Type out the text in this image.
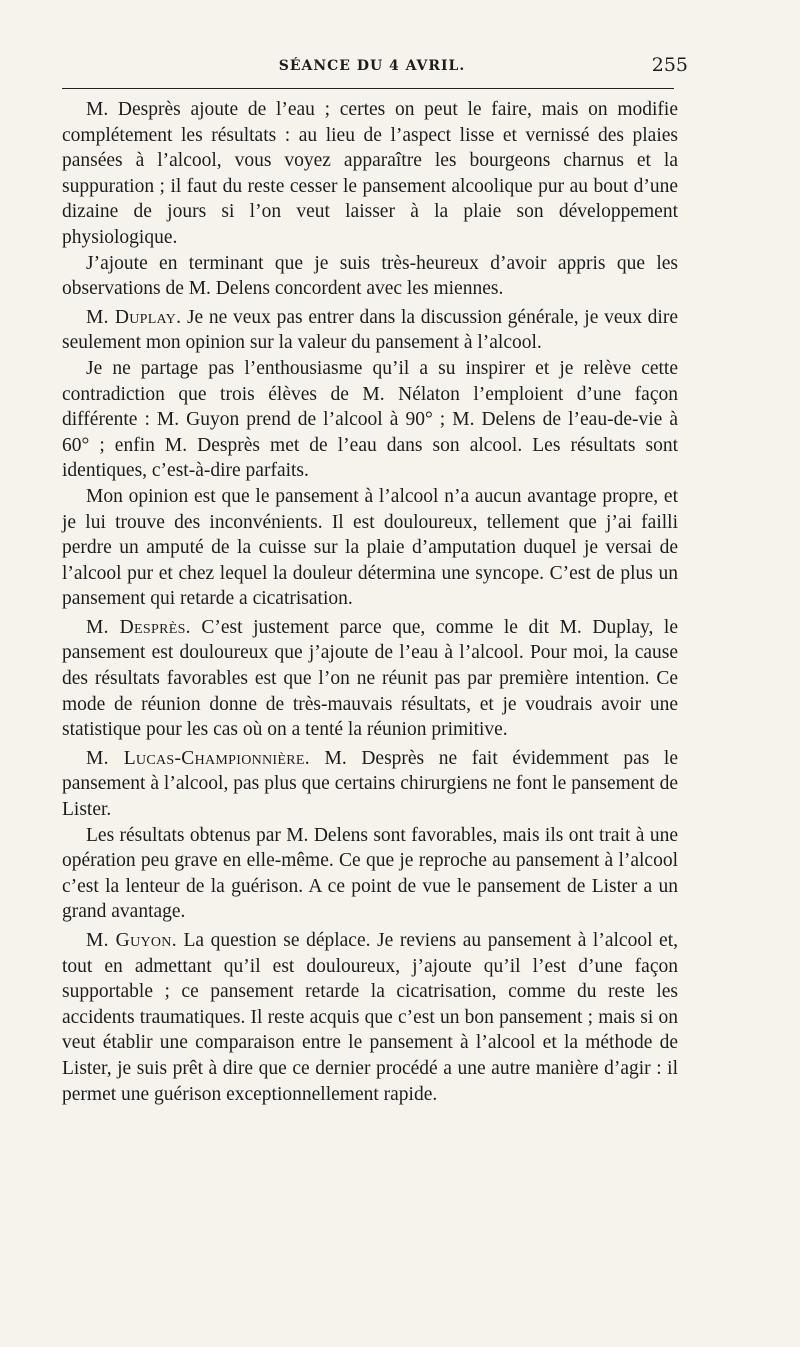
SÉANCE DU 4 AVRIL.	255

M. Desprès ajoute de l’eau ; certes on peut le faire, mais on modifie complétement les résultats : au lieu de l’aspect lisse et vernissé des plaies pansées à l’alcool, vous voyez apparaître les bourgeons charnus et la suppuration ; il faut du reste cesser le pansement alcoolique pur au bout d’une dizaine de jours si l’on veut laisser à la plaie son développement physiologique.

J’ajoute en terminant que je suis très-heureux d’avoir appris que les observations de M. Delens concordent avec les miennes.

M. Duplay. Je ne veux pas entrer dans la discussion générale, je veux dire seulement mon opinion sur la valeur du pansement à l’alcool.

Je ne partage pas l’enthousiasme qu’il a su inspirer et je relève cette contradiction que trois élèves de M. Nélaton l’emploient d’une façon différente : M. Guyon prend de l’alcool à 90° ; M. Delens de l’eau-de-vie à 60° ; enfin M. Desprès met de l’eau dans son alcool. Les résultats sont identiques, c’est-à-dire parfaits.

Mon opinion est que le pansement à l’alcool n’a aucun avantage propre, et je lui trouve des inconvénients. Il est douloureux, tellement que j’ai failli perdre un amputé de la cuisse sur la plaie d’amputation duquel je versai de l’alcool pur et chez lequel la douleur détermina une syncope. C’est de plus un pansement qui retarde a cicatrisation.

M. Desprès. C’est justement parce que, comme le dit M. Duplay, le pansement est douloureux que j’ajoute de l’eau à l’alcool. Pour moi, la cause des résultats favorables est que l’on ne réunit pas par première intention. Ce mode de réunion donne de très-mauvais résultats, et je voudrais avoir une statistique pour les cas où on a tenté la réunion primitive.

M. Lucas-Championnière. M. Desprès ne fait évidemment pas le pansement à l’alcool, pas plus que certains chirurgiens ne font le pansement de Lister.

Les résultats obtenus par M. Delens sont favorables, mais ils ont trait à une opération peu grave en elle-même. Ce que je reproche au pansement à l’alcool c’est la lenteur de la guérison. A ce point de vue le pansement de Lister a un grand avantage.

M. Guyon. La question se déplace. Je reviens au pansement à l’alcool et, tout en admettant qu’il est douloureux, j’ajoute qu’il l’est d’une façon supportable ; ce pansement retarde la cicatrisation, comme du reste les accidents traumatiques. Il reste acquis que c’est un bon pansement ; mais si on veut établir une comparaison entre le pansement à l’alcool et la méthode de Lister, je suis prêt à dire que ce dernier procédé a une autre manière d’agir : il permet une guérison exceptionnellement rapide.
